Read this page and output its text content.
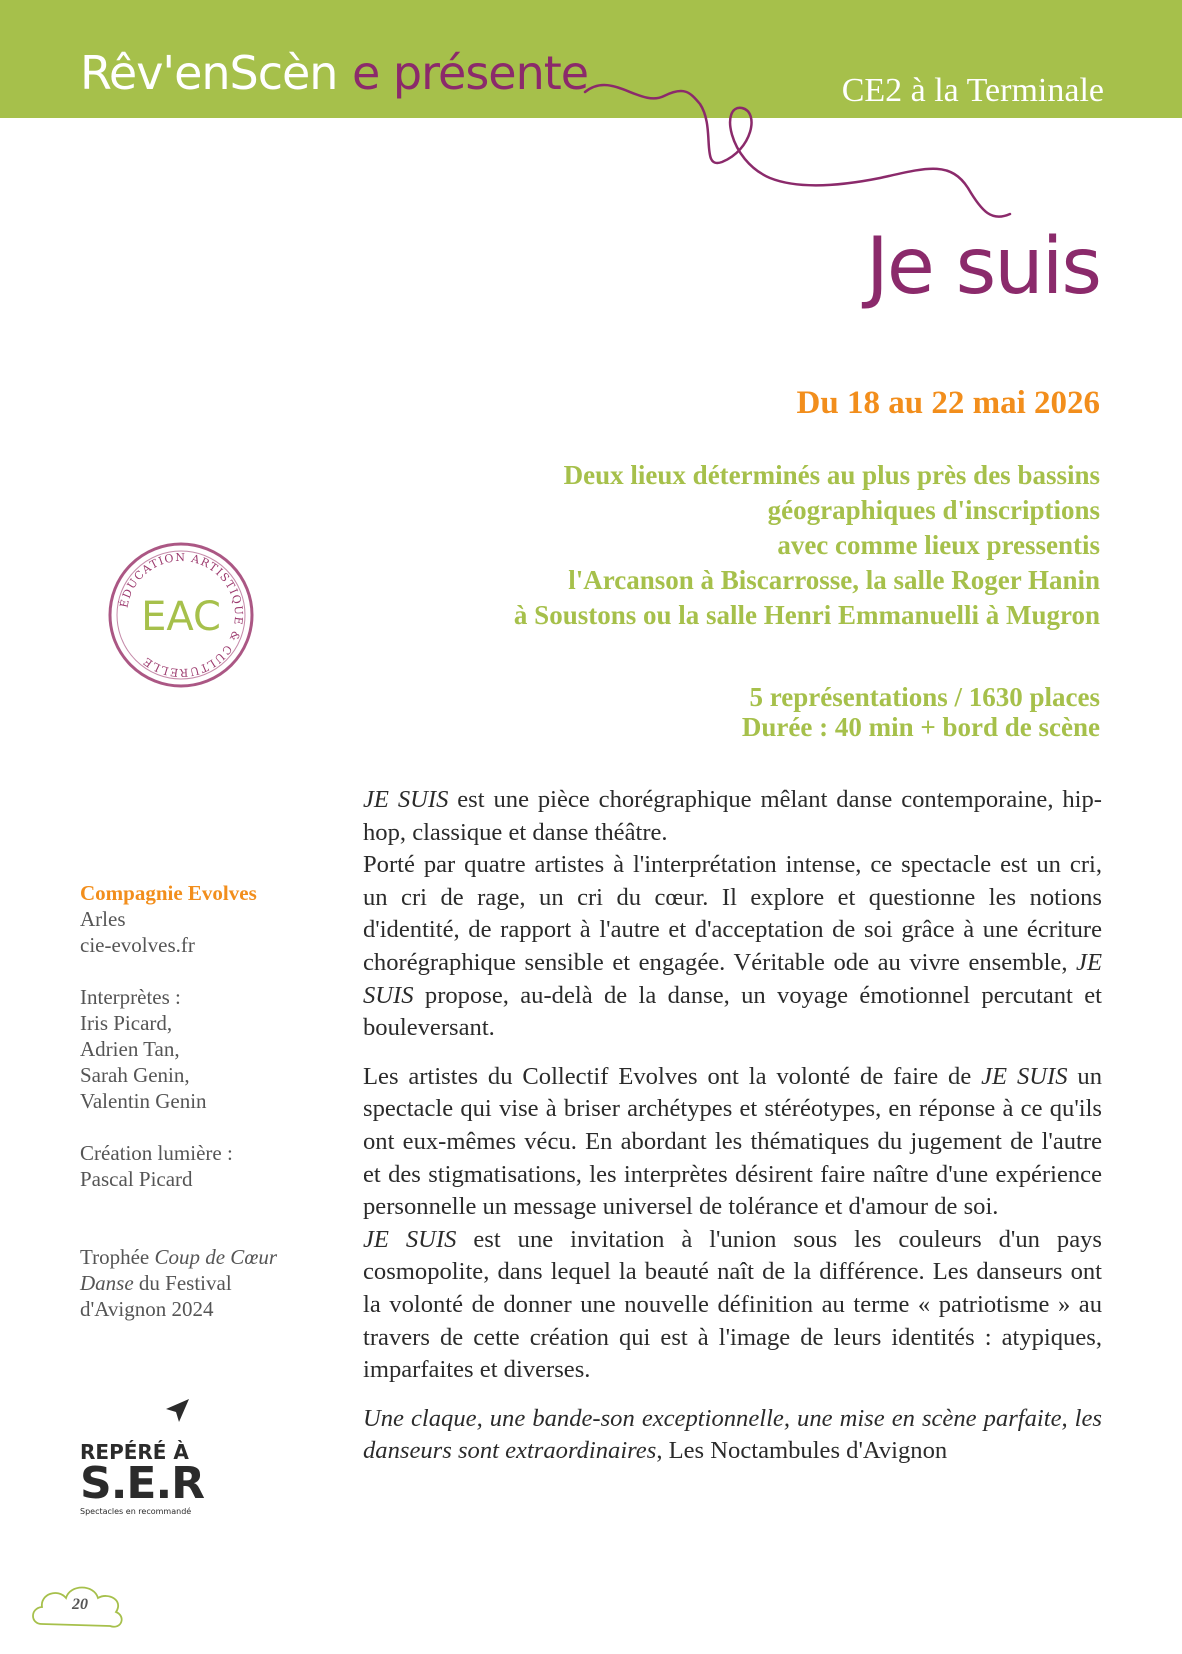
Rêv'enScèn e présente	CE2 à la Terminale
Je suis
Du 18 au 22 mai 2026
Deux lieux déterminés au plus près des bassins
géographiques d'inscriptions
avec comme lieux pressentis
l'Arcanson à Biscarrosse, la salle Roger Hanin
à Soustons ou la salle Henri Emmanuelli à Mugron
5 représentations / 1630 places
Durée : 40 min + bord de scène
ÉDUCATION ARTISTIQUE & CULTURELLE
EAC

Compagnie Evolves

Arles

cie-evolves.fr

Interprètes :

Iris Picard,

Adrien Tan,

Sarah Genin,

Valentin Genin

Création lumière :

Pascal Picard

Trophée Coup de Cœur Danse du Festival d'Avignon 2024

REPÉRÉ À
S.E.R
Spectacles en recommandé
20

JE SUIS est une pièce chorégraphique mêlant danse contemporaine, hip-hop, classique et danse théâtre.

Porté par quatre artistes à l'interprétation intense, ce spectacle est un cri, un cri de rage, un cri du cœur. Il explore et questionne les notions d'identité, de rapport à l'autre et d'acceptation de soi grâce à une écriture chorégraphique sensible et engagée. Véritable ode au vivre ensemble, JE SUIS propose, au-delà de la danse, un voyage émotionnel percutant et bouleversant.

Les artistes du Collectif Evolves ont la volonté de faire de JE SUIS un spectacle qui vise à briser archétypes et stéréotypes, en réponse à ce qu'ils ont eux-mêmes vécu. En abordant les thématiques du jugement de l'autre et des stigmatisations, les interprètes désirent faire naître d'une expérience personnelle un message universel de tolérance et d'amour de soi.

JE SUIS est une invitation à l'union sous les couleurs d'un pays cosmopolite, dans lequel la beauté naît de la différence. Les danseurs ont la volonté de donner une nouvelle définition au terme « patriotisme » au travers de cette création qui est à l'image de leurs identités : atypiques, imparfaites et diverses.

Une claque, une bande-son exceptionnelle, une mise en scène parfaite, les danseurs sont extraordinaires, Les Noctambules d'Avignon
